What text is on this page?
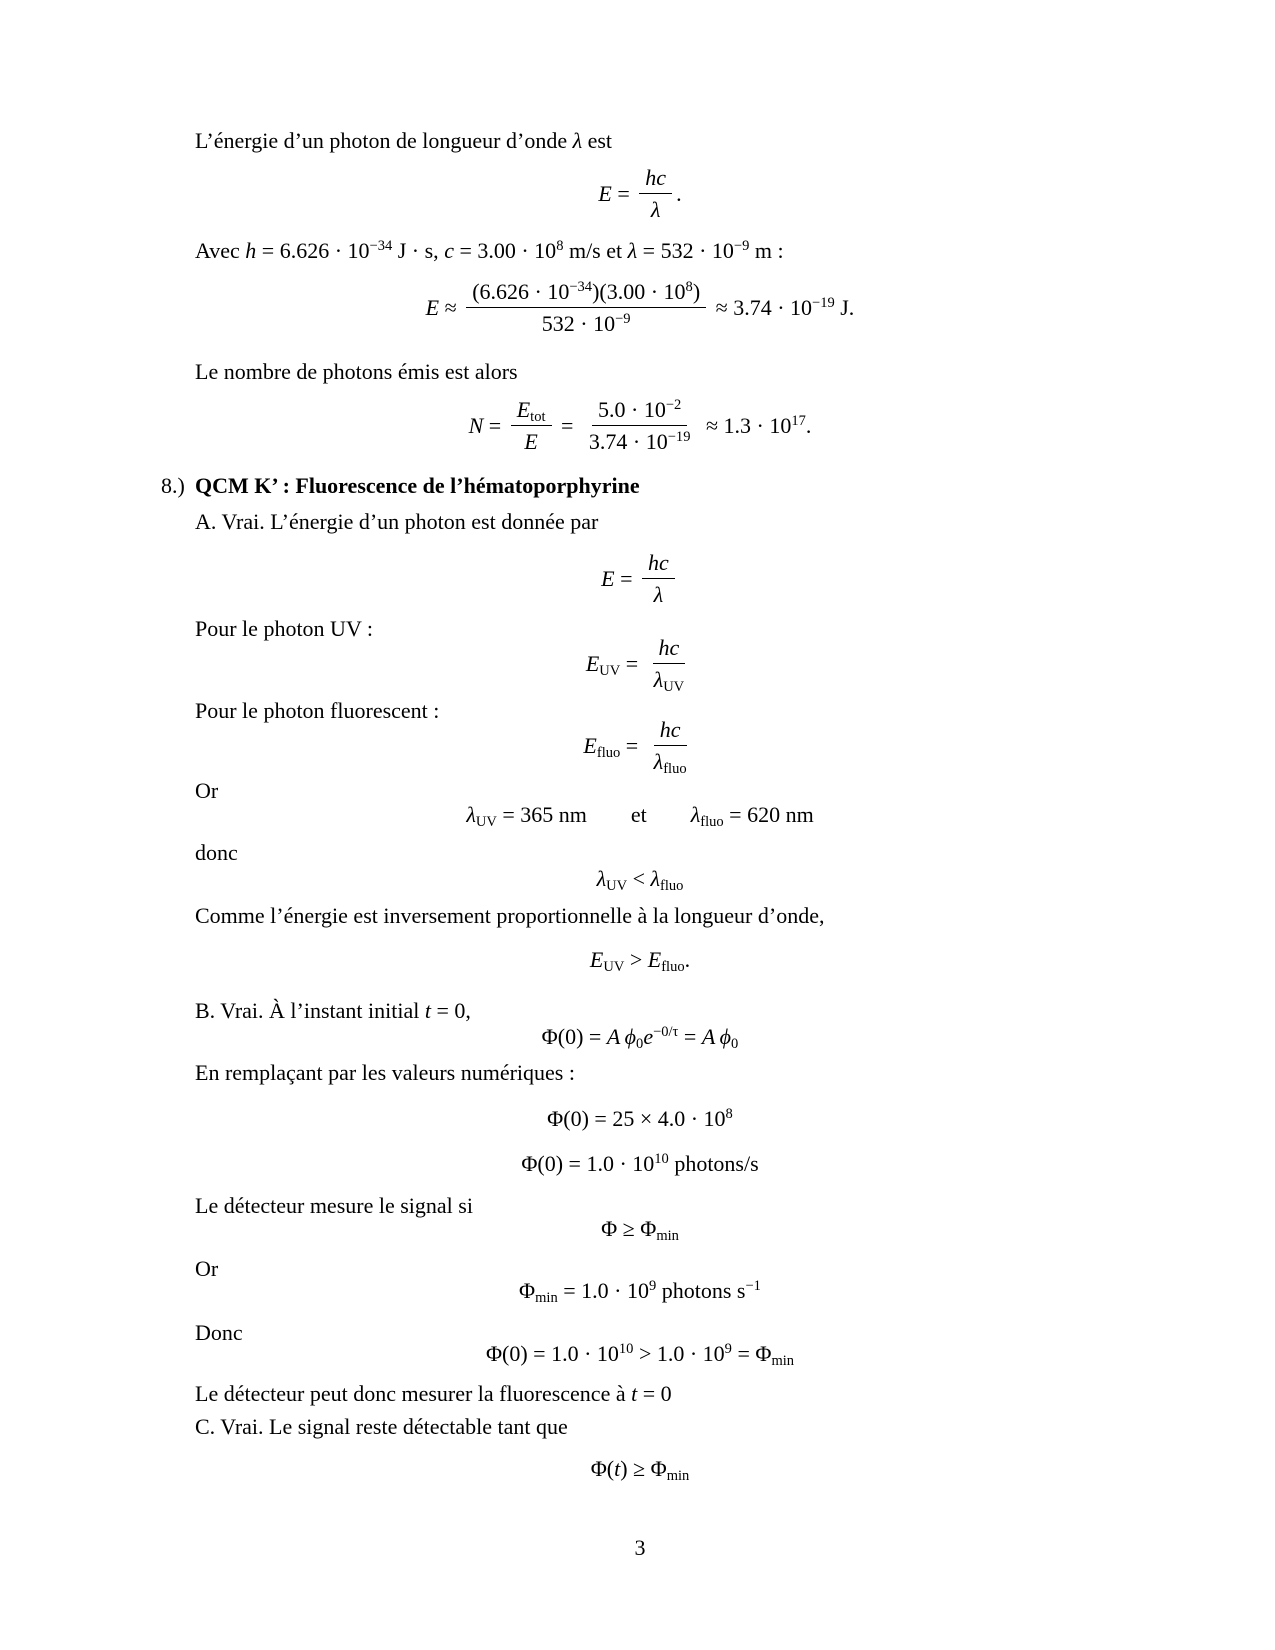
L’énergie d’un photon de longueur d’onde λ est
$E = \frac{hc}{\lambda}$ .
Avec $h = 6.626 \cdot 10^{-34}$ J · s, $c = 3.00 \cdot 10^8$ m/s et $\lambda = 532 \cdot 10^{-9}$ m :
$E \approx \frac{(6.626 \cdot 10^{-34})(3.00 \cdot 10^8)}{532 \cdot 10^{-9}} \approx 3.74 \cdot 10^{-19}$ J.
Le nombre de photons émis est alors
$N = \frac{E_{tot}}{E} = \frac{5.0 \cdot 10^{-2}}{3.74 \cdot 10^{-19}} \approx 1.3 \cdot 10^{17}$.
8.) QCM K’ : Fluorescence de l’hématoporphyrine
A. Vrai. L’énergie d’un photon est donnée par
$E = \frac{hc}{\lambda}$
Pour le photon UV :
$E_{UV} = \frac{hc}{\lambda_{UV}}$
Pour le photon fluorescent :
$E_{fluo} = \frac{hc}{\lambda_{fluo}}$
Or
$\lambda_{UV} = 365$ nm  et  $\lambda_{fluo} = 620$ nm
donc
$\lambda_{UV} < \lambda_{fluo}$
Comme l’énergie est inversement proportionnelle à la longueur d’onde,
$E_{UV} > E_{fluo}$.
B. Vrai. À l’instant initial t = 0,
Φ(0) = A $\phi_0e^{-0/\tau} = A$ $\phi_0$
En remplaçant par les valeurs numériques :
$\Phi(0) = 25 \times 4.0 \cdot 10^8$
$\Phi(0) = 1.0 \cdot 10^{10}$ photons/s
Le détecteur mesure le signal si
$\Phi \ge \Phi_{min}$
Or
$\Phi_{min} = 1.0 \cdot 10^9$ photons $s^{-1}$
Donc
$\Phi(0) = 1.0 \cdot 10^{10} > 1.0 \cdot 10^9 = \Phi_{min}$
Le détecteur peut donc mesurer la fluorescence à t = 0
C. Vrai. Le signal reste détectable tant que
$\Phi(t) \ge \Phi_{min}$
3
